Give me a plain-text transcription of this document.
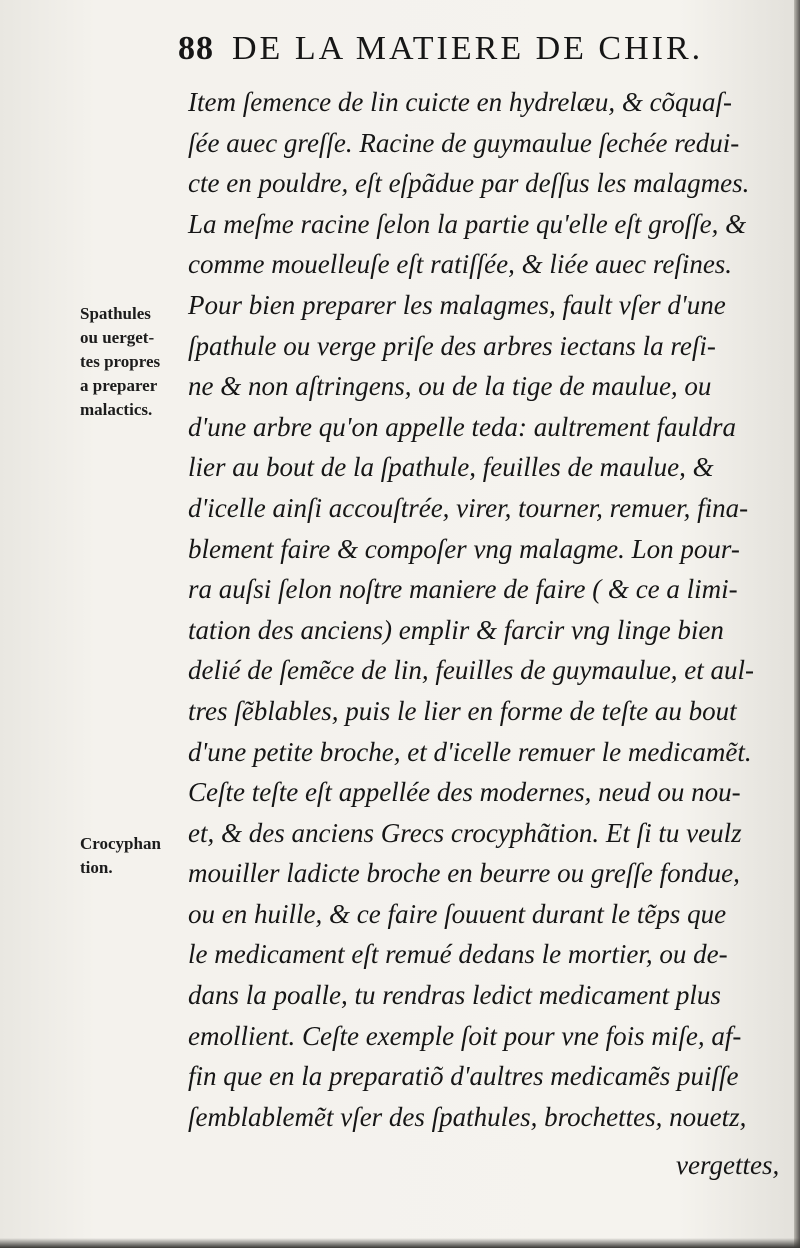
88 DE LA MATIERE DE CHIR.
Spathules
ou uerget-
tes propres
a preparer
malactics.
Crocyphan
tion.
Item ſemence de lin cuicte en hydrelæu, & cõquaſ-
ſée auec greſſe. Racine de guymaulue ſechée redui-
cte en pouldre, eſt eſpãdue par deſſus les malagmes.
La meſme racine ſelon la partie qu'elle eſt groſſe, &
comme mouelleuſe eſt ratiſſée, & liée auec reſines.
Pour bien preparer les malagmes, fault vſer d'une
ſpathule ou verge priſe des arbres iectans la reſi-
ne & non aſtringens, ou de la tige de maulue, ou
d'une arbre qu'on appelle teda: aultrement fauldra
lier au bout de la ſpathule, feuilles de maulue, &
d'icelle ainſi accouſtrée, virer, tourner, remuer, fina-
blement faire & compoſer vng malagme. Lon pour-
ra auſsi ſelon noſtre maniere de faire ( & ce a limi-
tation des anciens) emplir & farcir vng linge bien
delié de ſemẽce de lin, feuilles de guymaulue, et aul-
tres ſẽblables, puis le lier en forme de teſte au bout
d'une petite broche, et d'icelle remuer le medicamẽt.
Ceſte teſte eſt appellée des modernes, neud ou nou-
et, & des anciens Grecs crocyphãtion. Et ſi tu veulz
mouiller ladicte broche en beurre ou greſſe fondue,
ou en huille, & ce faire ſouuent durant le tẽps que
le medicament eſt remué dedans le mortier, ou de-
dans la poalle, tu rendras ledict medicament plus
emollient. Ceſte exemple ſoit pour vne fois miſe, af-
fin que en la preparatiõ d'aultres medicamẽs puiſſe
ſemblablemẽt vſer des ſpathules, brochettes, nouetz,
vergettes,
